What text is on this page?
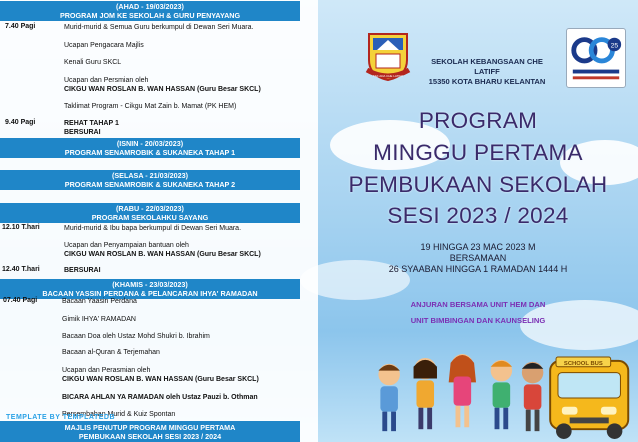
(AHAD - 19/03/2023)
PROGRAM JOM KE SEKOLAH & GURU PENYAYANG
7.40 Pagi	Murid-murid & Semua Guru berkumpul di Dewan Seri Muara.
Ucapan Pengacara Majlis
Kenali Guru SKCL
Ucapan dan Persmian oleh
CIKGU WAN ROSLAN B. WAN HASSAN (Guru Besar SKCL)
Taklimat Program - Cikgu Mat Zain b. Mamat (PK HEM)
9.40 Pagi	REHAT TAHAP 1
BERSURAI
(ISNIN - 20/03/2023)
PROGRAM SENAMROBIK & SUKANEKA TAHAP 1
(SELASA - 21/03/2023)
PROGRAM SENAMROBIK & SUKANEKA TAHAP 2
(RABU - 22/03/2023)
PROGRAM SEKOLAHKU SAYANG
12.10 T.hari	Murid-murid & Ibu bapa berkumpul di Dewan Seri Muara.
Ucapan dan Penyampaian bantuan oleh
CIKGU WAN ROSLAN B. WAN HASSAN (Guru Besar SKCL)
12.40 T.hari	BERSURAI
(KHAMIS - 23/03/2023)
BACAAN YASSIN PERDANA & PELANCARAN IHYA' RAMADAN
07.40 Pagi	Bacaan Yaasin Perdana
Gimik IHYA' RAMADAN
Bacaan Doa oleh Ustaz Mohd Shukri b. Ibrahim
Bacaan al-Quran & Terjemahan
Ucapan dan Perasmian oleh
CIKGU WAN ROSLAN B. WAN HASSAN (Guru Besar SKCL)
BICARA AHLAN YA RAMADAN oleh Ustaz Pauzi b. Othman
Persembahan Murid & Kuiz Spontan
MAJLIS PENUTUP PROGRAM MINGGU PERTAMA
PEMBUKAAN SEKOLAH SESI 2023 / 2024
TEMPLATE BY TEMPLATEDB
TAK ADA CHE LATIFF
SEKOLAH KEBANGSAAN CHE LATIFF
15350 KOTA BHARU KELANTAN
25
PROGRAM
MINGGU PERTAMA
PEMBUKAAN SEKOLAH
SESI 2023 / 2024
19 HINGGA 23 MAC 2023 M
BERSAMAAN
26 SYAABAN HINGGA 1 RAMADAN 1444 H
ANJURAN BERSAMA UNIT HEM DAN
UNIT BIMBINGAN DAN KAUNSELING
SCHOOL BUS
